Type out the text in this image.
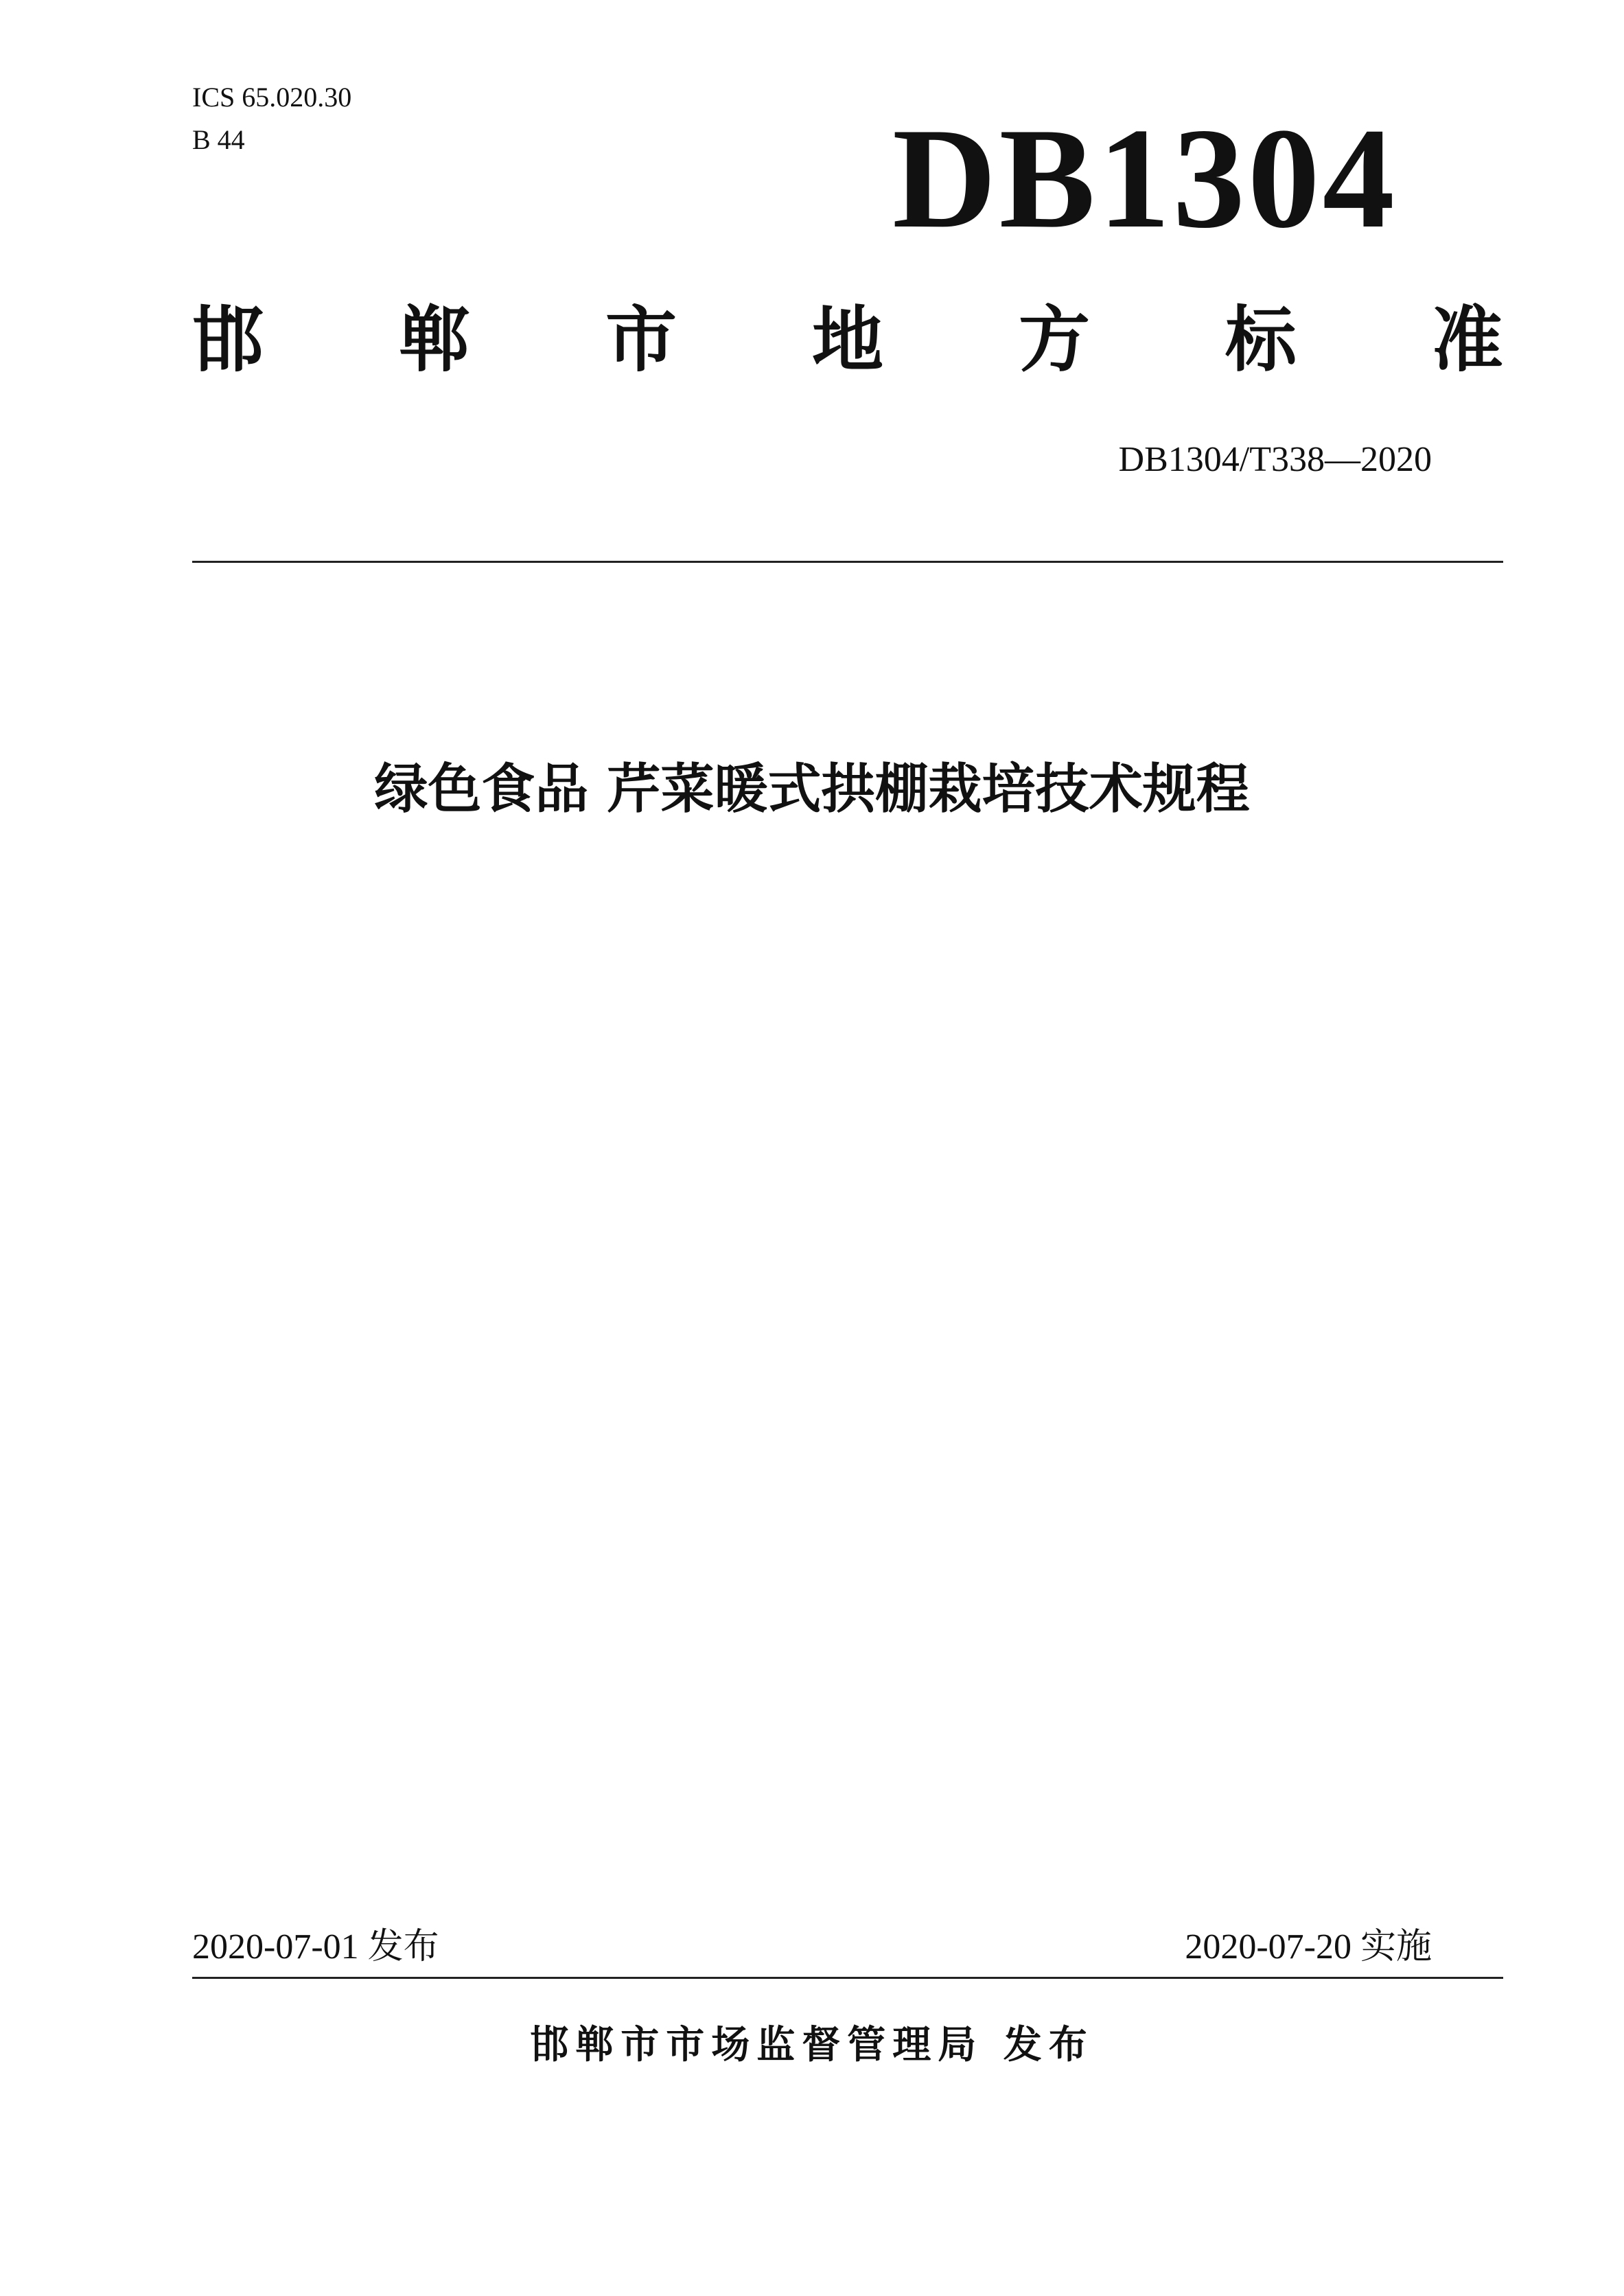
ICS 65.020.30
B 44	DB1304
邯 郸 市 地 方 标 准
DB1304/T338—2020
绿色食品 芹菜暖式拱棚栽培技术规程
2020-07-01 发布	2020-07-20 实施
邯郸市市场监督管理局 发布
